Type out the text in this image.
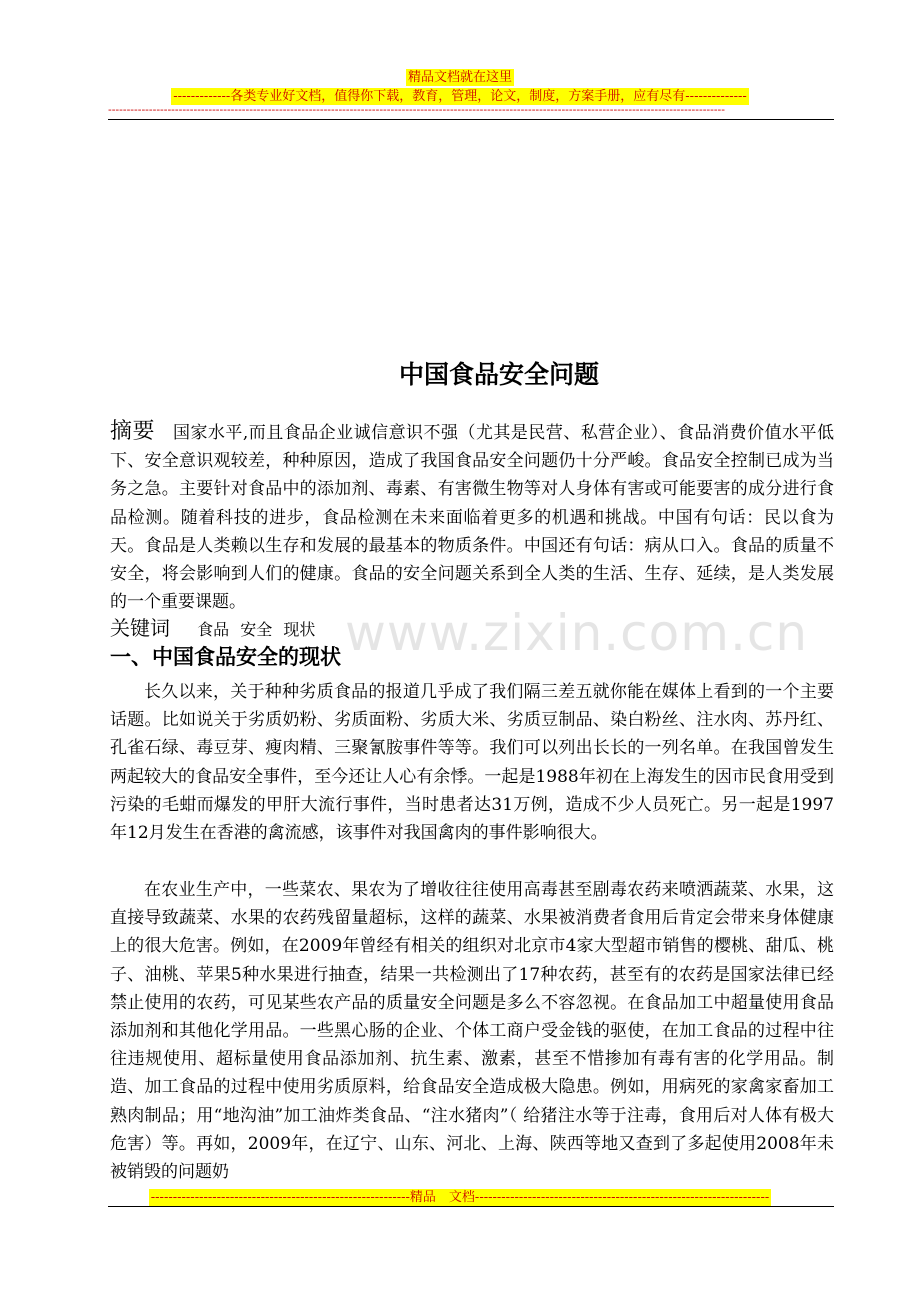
精品文档就在这里
-------------各类专业好文档，值得你下载，教育，管理，论文，制度，方案手册，应有尽有--------------
----------------------------------------------------------------------------------------------------------------------------------------------------------------------
中国食品安全问题
摘要 国家水平,而且食品企业诚信意识不强（尤其是民营、私营企业）、食品消费价值水平低下、安全意识观较差，种种原因，造成了我国食品安全问题仍十分严峻。食品安全控制已成为当　务之急。主要针对食品中的添加剂、毒素、有害微生物等对人身体有害或可能要害的成分进行食品检测。随着科技的进步，食品检测在未来面临着更多的机遇和挑战。中国有句话：民以食为天。食品是人类赖以生存和发展的最基本的物质条件。中国还有句话：病从口入。食品的质量不安全，将会影响到人们的健康。食品的安全问题关系到全人类的生活、生存、延续，是人类发展的一个重要课题。
关键词 食品 安全 现状 www.zixin.com.cn
一、中国食品安全的现状

长久以来，关于种种劣质食品的报道几乎成了我们隔三差五就你能在媒体上看到的一个主要话题。比如说关于劣质奶粉、劣质面粉、劣质大米、劣质豆制品、染白粉丝、注水肉、苏丹红、孔雀石绿、毒豆芽、瘦肉精、三聚氰胺事件等等。我们可以列出长长的一列名单。在我国曾发生两起较大的食品安全事件，至今还让人心有余悸。一起是1988年初在上海发生的因市民食用受到污染的毛蚶而爆发的甲肝大流行事件，当时患者达31万例，造成不少人员死亡。另一起是1997年12月发生在香港的禽流感，该事件对我国禽肉的事件影响很大。

在农业生产中，一些菜农、果农为了增收往往使用高毒甚至剧毒农药来喷洒蔬菜、水果，这直接导致蔬菜、水果的农药残留量超标，这样的蔬菜、水果被消费者食用后肯定会带来身体健康上的很大危害。例如，在2009年曾经有相关的组织对北京市4家大型超市销售的樱桃、甜瓜、桃子、油桃、苹果5种水果进行抽查，结果一共检测出了17种农药，甚至有的农药是国家法律已经禁止使用的农药，可见某些农产品的质量安全问题是多么不容忽视。在食品加工中超量使用食品添加剂和其他化学用品。一些黑心肠的企业、个体工商户受金钱的驱使，在加工食品的过程中往往违规使用、超标量使用食品添加剂、抗生素、激素，甚至不惜掺加有毒有害的化学用品。制造、加工食品的过程中使用劣质原料，给食品安全造成极大隐患。例如，用病死的家禽家畜加工熟肉制品；用“地沟油”加工油炸类食品、“注水猪肉”（ 给猪注水等于注毒，食用后对人体有极大危害）等。再如，2009年，在辽宁、山东、河北、上海、陕西等地又查到了多起使用2008年未被销毁的问题奶

-----------------------------------------------------------精品　文档-------------------------------------------------------------------
